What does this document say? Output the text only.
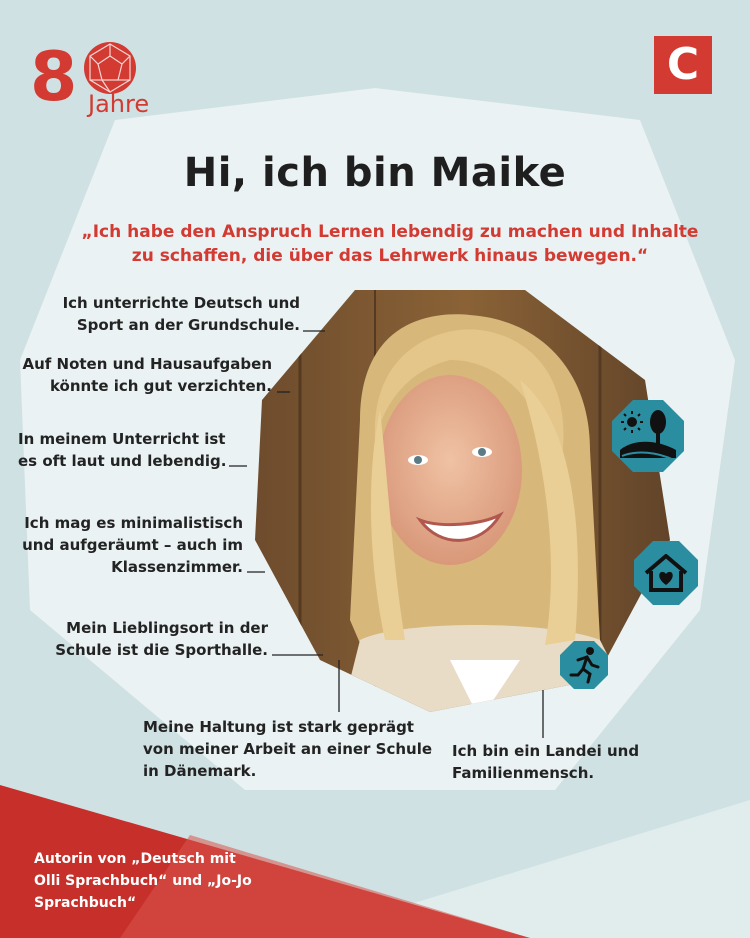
8 Jahre
C
Hi, ich bin Maike
„Ich habe den Anspruch Lernen lebendig zu machen und Inhalte zu schaffen, die über das Lehrwerk hinaus bewegen.“
Ich unterrichte Deutsch und Sport an der Grundschule.
Auf Noten und Hausaufgaben könnte ich gut verzichten.
In meinem Unterricht ist es oft laut und lebendig.
Ich mag es minimalistisch und aufgeräumt – auch im Klassenzimmer.
Mein Lieblingsort in der Schule ist die Sporthalle.
Meine Haltung ist stark geprägt von meiner Arbeit an einer Schule in Dänemark.
Ich bin ein Landei und Familienmensch.
Autorin von „Deutsch mit Olli Sprachbuch“ und „Jo-Jo Sprachbuch“
